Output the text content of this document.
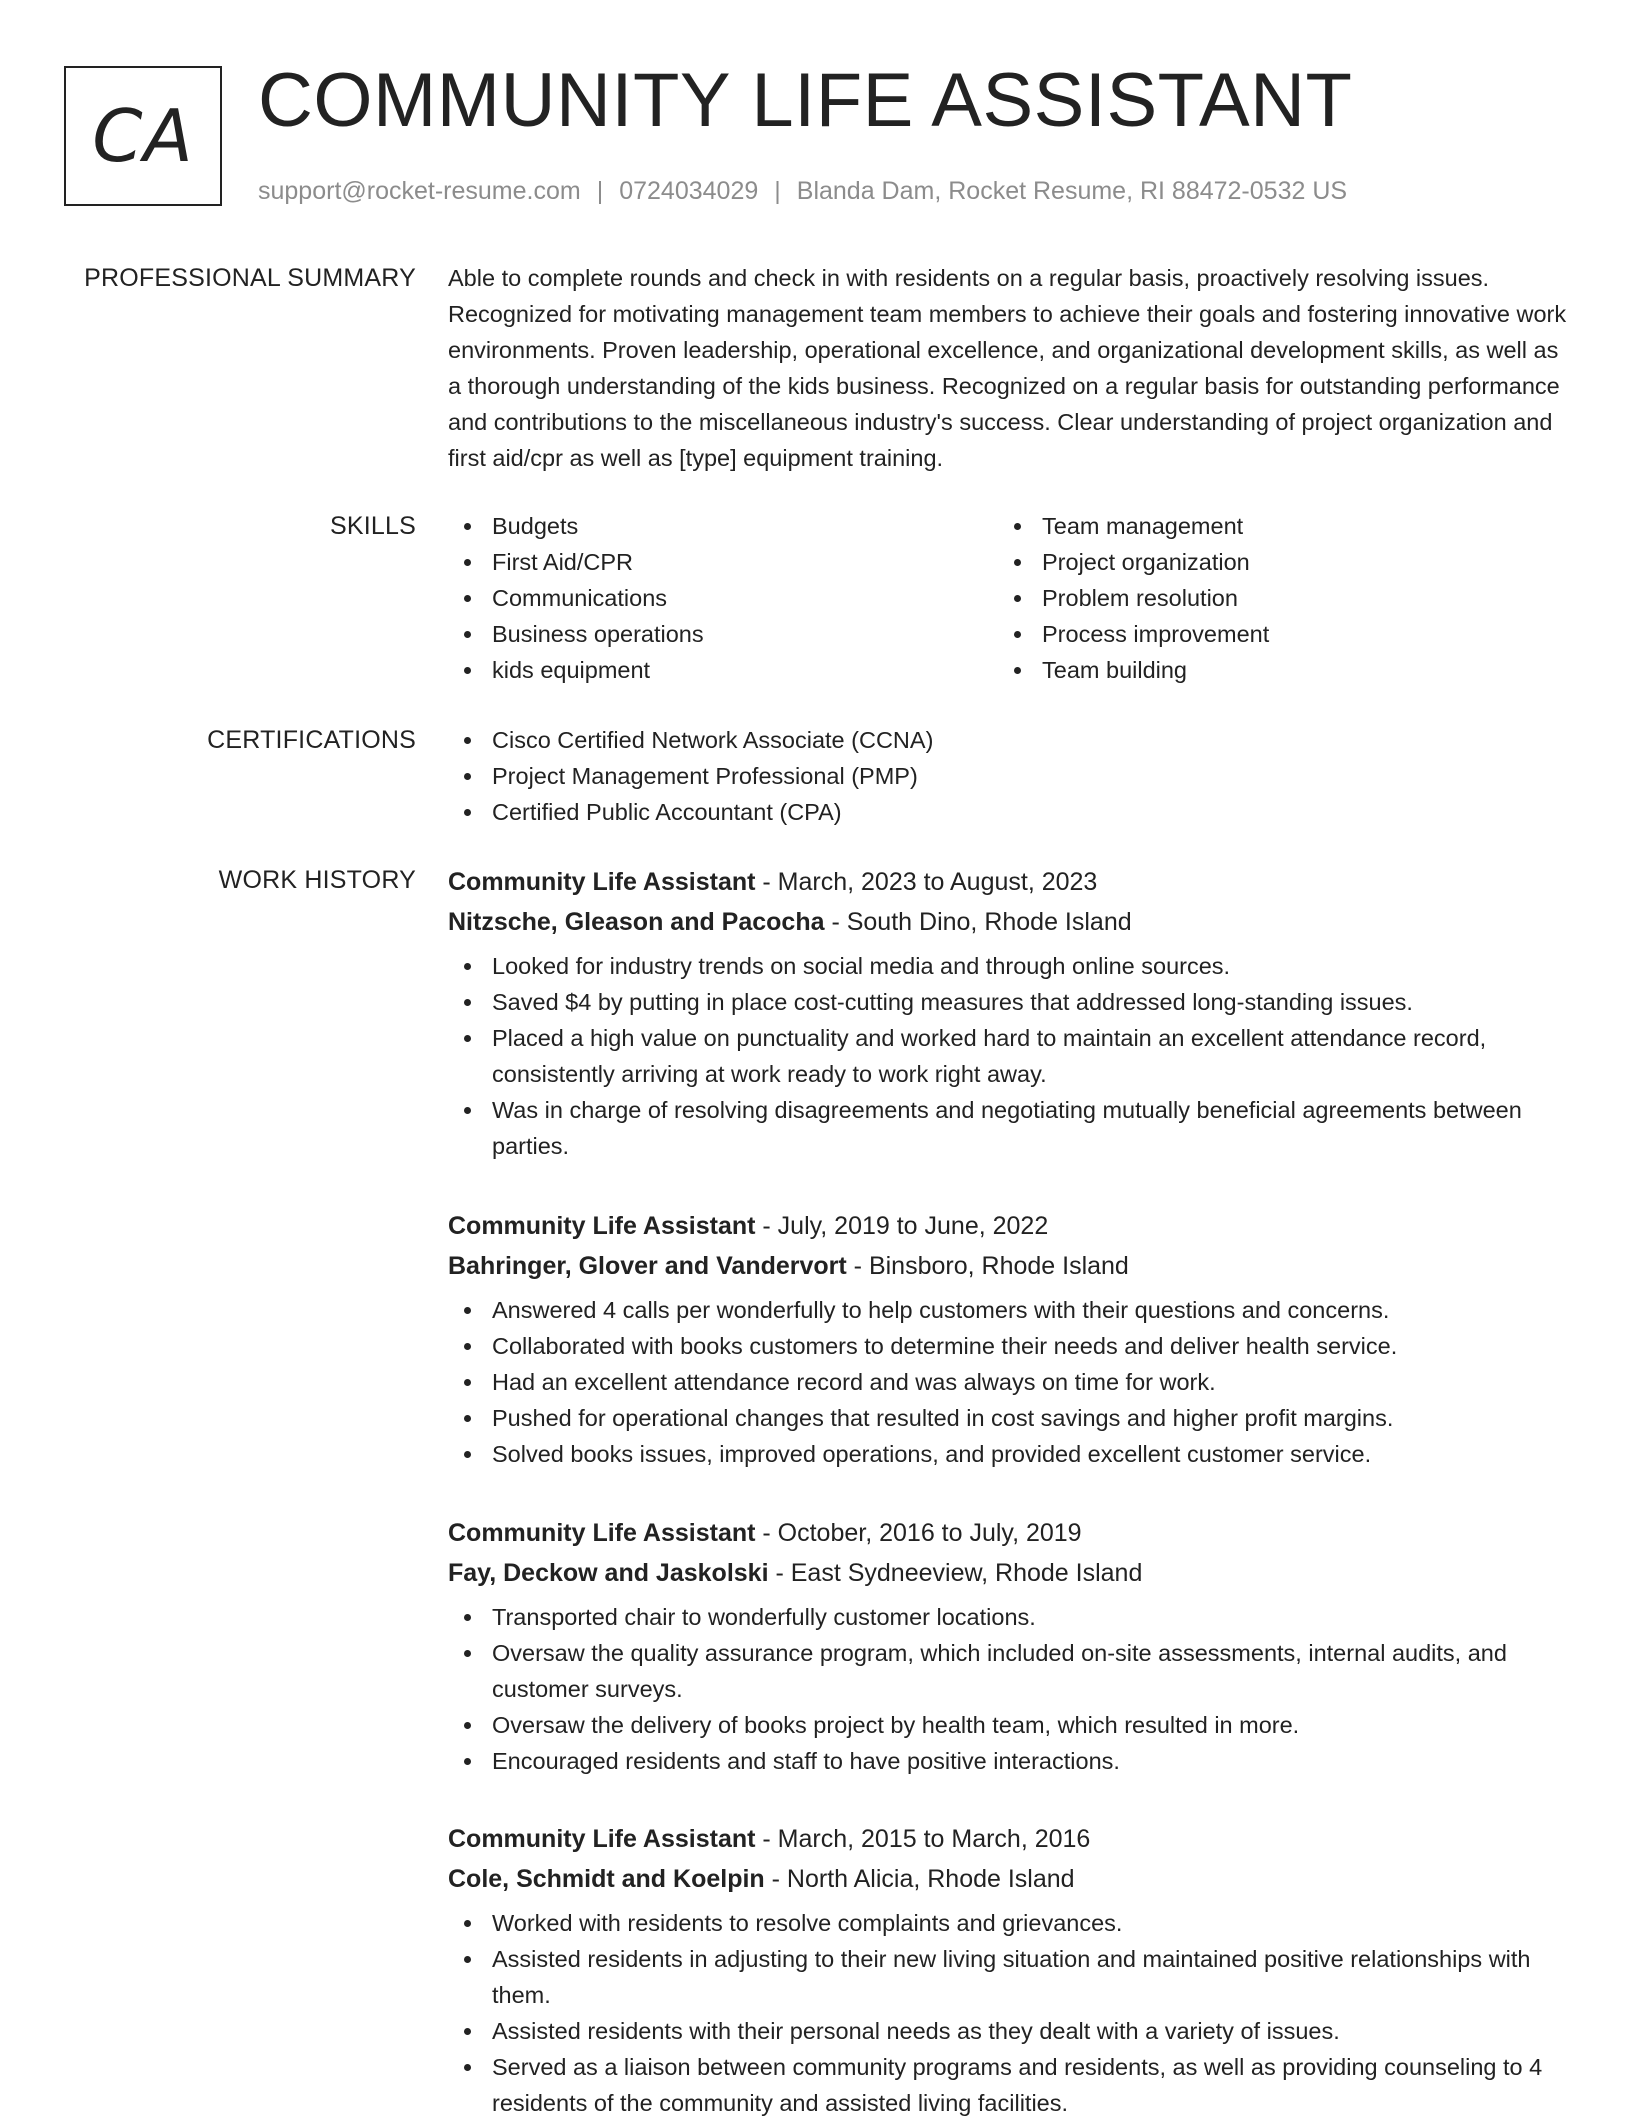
CA COMMUNITY LIFE ASSISTANT
support@rocket-resume.com | 0724034029 | Blanda Dam, Rocket Resume, RI 88472-0532 US
PROFESSIONAL SUMMARY Able to complete rounds and check in with residents on a regular basis, proactively resolving issues. Recognized for motivating management team members to achieve their goals and fostering innovative work environments. Proven leadership, operational excellence, and organizational development skills, as well as a thorough understanding of the kids business. Recognized on a regular basis for outstanding performance and contributions to the miscellaneous industry's success. Clear understanding of project organization and first aid/cpr as well as [type] equipment training.

SKILLS	Budgets
First Aid/CPR
Communications
Business operations
kids equipment
Team management
Project organization
Problem resolution
Process improvement
Team building
CERTIFICATIONS	Cisco Certified Network Associate (CCNA)
Project Management Professional (PMP)
Certified Public Accountant (CPA)
WORK HISTORY Community Life Assistant - March, 2023 to August, 2023
Nitzsche, Gleason and Pacocha - South Dino, Rhode Island
Looked for industry trends on social media and through online sources.
Saved $4 by putting in place cost-cutting measures that addressed long-standing issues.
Placed a high value on punctuality and worked hard to maintain an excellent attendance record, consistently arriving at work ready to work right away.
Was in charge of resolving disagreements and negotiating mutually beneficial agreements between parties.
Community Life Assistant - July, 2019 to June, 2022
Bahringer, Glover and Vandervort - Binsboro, Rhode Island
Answered 4 calls per wonderfully to help customers with their questions and concerns.
Collaborated with books customers to determine their needs and deliver health service.
Had an excellent attendance record and was always on time for work.
Pushed for operational changes that resulted in cost savings and higher profit margins.
Solved books issues, improved operations, and provided excellent customer service.
Community Life Assistant - October, 2016 to July, 2019
Fay, Deckow and Jaskolski - East Sydneeview, Rhode Island
Transported chair to wonderfully customer locations.
Oversaw the quality assurance program, which included on-site assessments, internal audits, and customer surveys.
Oversaw the delivery of books project by health team, which resulted in more.
Encouraged residents and staff to have positive interactions.
Community Life Assistant - March, 2015 to March, 2016
Cole, Schmidt and Koelpin - North Alicia, Rhode Island
Worked with residents to resolve complaints and grievances.
Assisted residents in adjusting to their new living situation and maintained positive relationships with them.
Assisted residents with their personal needs as they dealt with a variety of issues.
Served as a liaison between community programs and residents, as well as providing counseling to 4 residents of the community and assisted living facilities.
